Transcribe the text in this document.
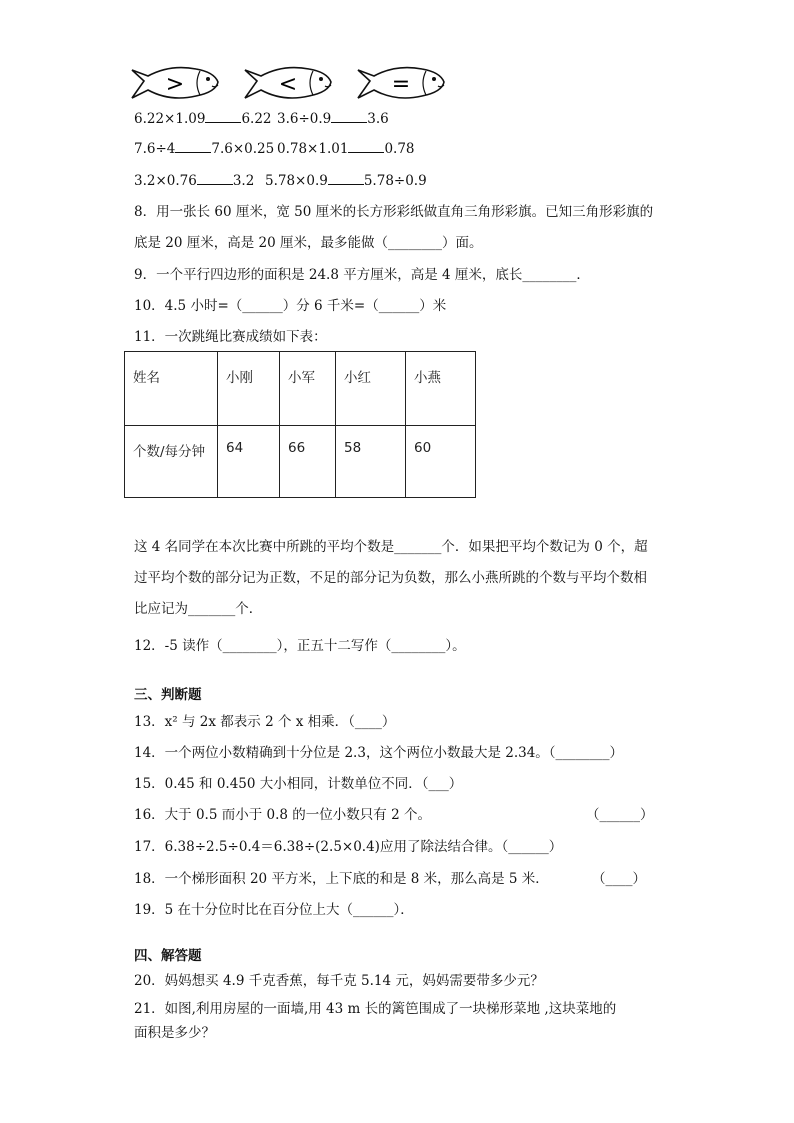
>	<	=
6.22×1.09	6.22 3.6÷0.9	3.6
7.6÷4	7.6×0.25 0.78×1.01	0.78
3.2×0.76	3.2 5.78×0.9	5.78÷0.9
8．用一张长 60 厘米，宽 50 厘米的长方形彩纸做直角三角形彩旗。已知三角形彩旗的
底是 20 厘米，高是 20 厘米，最多能做（________）面。
9．一个平行四边形的面积是 24.8 平方厘米，高是 4 厘米，底长________．
10．4.5 小时=（______）分 6 千米=（______）米
11．一次跳绳比赛成绩如下表：
姓名	小刚	小军	小红	小燕
个数/每分钟	64	66	58	60
这 4 名同学在本次比赛中所跳的平均个数是_______个．如果把平均个数记为 0 个，超
过平均个数的部分记为正数，不足的部分记为负数，那么小燕所跳的个数与平均个数相
比应记为_______个．
12．-5 读作（________），正五十二写作（________）。
三、判断题
13．x² 与 2x 都表示 2 个 x 相乘．（____）
14．一个两位小数精确到十分位是 2.3，这个两位小数最大是 2.34。（________）
15．0.45 和 0.450 大小相同，计数单位不同．（___）
16．大于 0.5 而小于 0.8 的一位小数只有 2 个。	（______）
17．6.38÷2.5÷0.4＝6.38÷(2.5×0.4)应用了除法结合律。（______）
18．一个梯形面积 20 平方米，上下底的和是 8 米，那么高是 5 米．	（____）
19．5 在十分位时比在百分位上大（______）．
四、解答题
20．妈妈想买 4.9 千克香蕉，每千克 5.14 元，妈妈需要带多少元？
21．如图,利用房屋的一面墙,用 43 m 长的篱笆围成了一块梯形菜地 ,这块菜地的
面积是多少？
